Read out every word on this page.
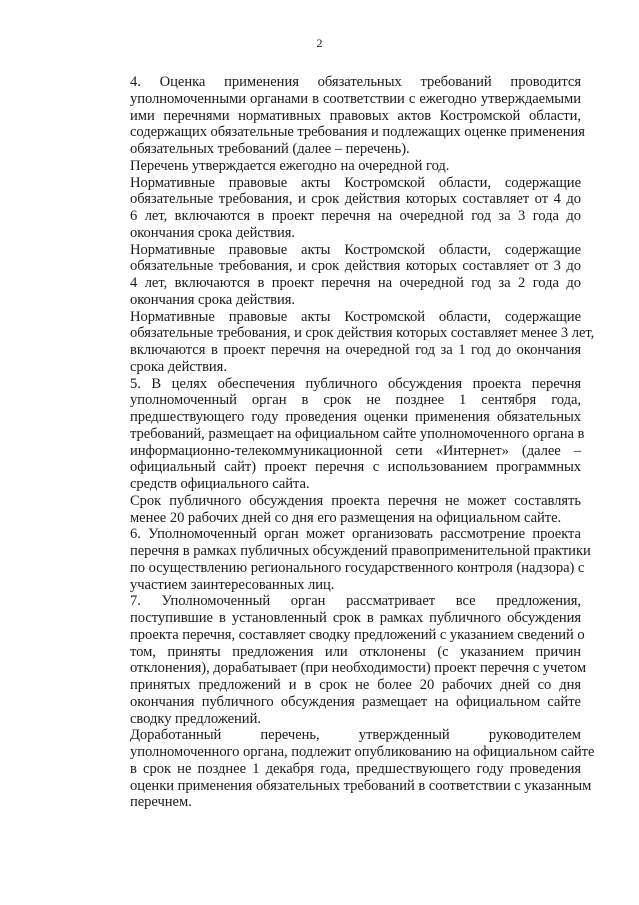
2

4. Оценка применения обязательных требований проводится
уполномоченными органами в соответствии с ежегодно утверждаемыми
ими перечнями нормативных правовых актов Костромской области,
содержащих обязательные требования и подлежащих оценке применения
обязательных требований (далее – перечень).

Перечень утверждается ежегодно на очередной год.

Нормативные правовые акты Костромской области, содержащие
обязательные требования, и срок действия которых составляет от 4 до
6 лет, включаются в проект перечня на очередной год за 3 года до
окончания срока действия.

Нормативные правовые акты Костромской области, содержащие
обязательные требования, и срок действия которых составляет от 3 до
4 лет, включаются в проект перечня на очередной год за 2 года до
окончания срока действия.

Нормативные правовые акты Костромской области, содержащие
обязательные требования, и срок действия которых составляет менее 3 лет,
включаются в проект перечня на очередной год за 1 год до окончания
срока действия.

5. В целях обеспечения публичного обсуждения проекта перечня
уполномоченный орган в срок не позднее 1 сентября года,
предшествующего году проведения оценки применения обязательных
требований, размещает на официальном сайте уполномоченного органа в
информационно-телекоммуникационной сети «Интернет» (далее –
официальный сайт) проект перечня с использованием программных
средств официального сайта.

Срок публичного обсуждения проекта перечня не может составлять
менее 20 рабочих дней со дня его размещения на официальном сайте.

6. Уполномоченный орган может организовать рассмотрение проекта
перечня в рамках публичных обсуждений правоприменительной практики
по осуществлению регионального государственного контроля (надзора) с
участием заинтересованных лиц.

7. Уполномоченный орган рассматривает все предложения,
поступившие в установленный срок в рамках публичного обсуждения
проекта перечня, составляет сводку предложений с указанием сведений о
том, приняты предложения или отклонены (с указанием причин
отклонения), дорабатывает (при необходимости) проект перечня с учетом
принятых предложений и в срок не более 20 рабочих дней со дня
окончания публичного обсуждения размещает на официальном сайте
сводку предложений.

Доработанный перечень, утвержденный руководителем
уполномоченного органа, подлежит опубликованию на официальном сайте
в срок не позднее 1 декабря года, предшествующего году проведения
оценки применения обязательных требований в соответствии с указанным
перечнем.
